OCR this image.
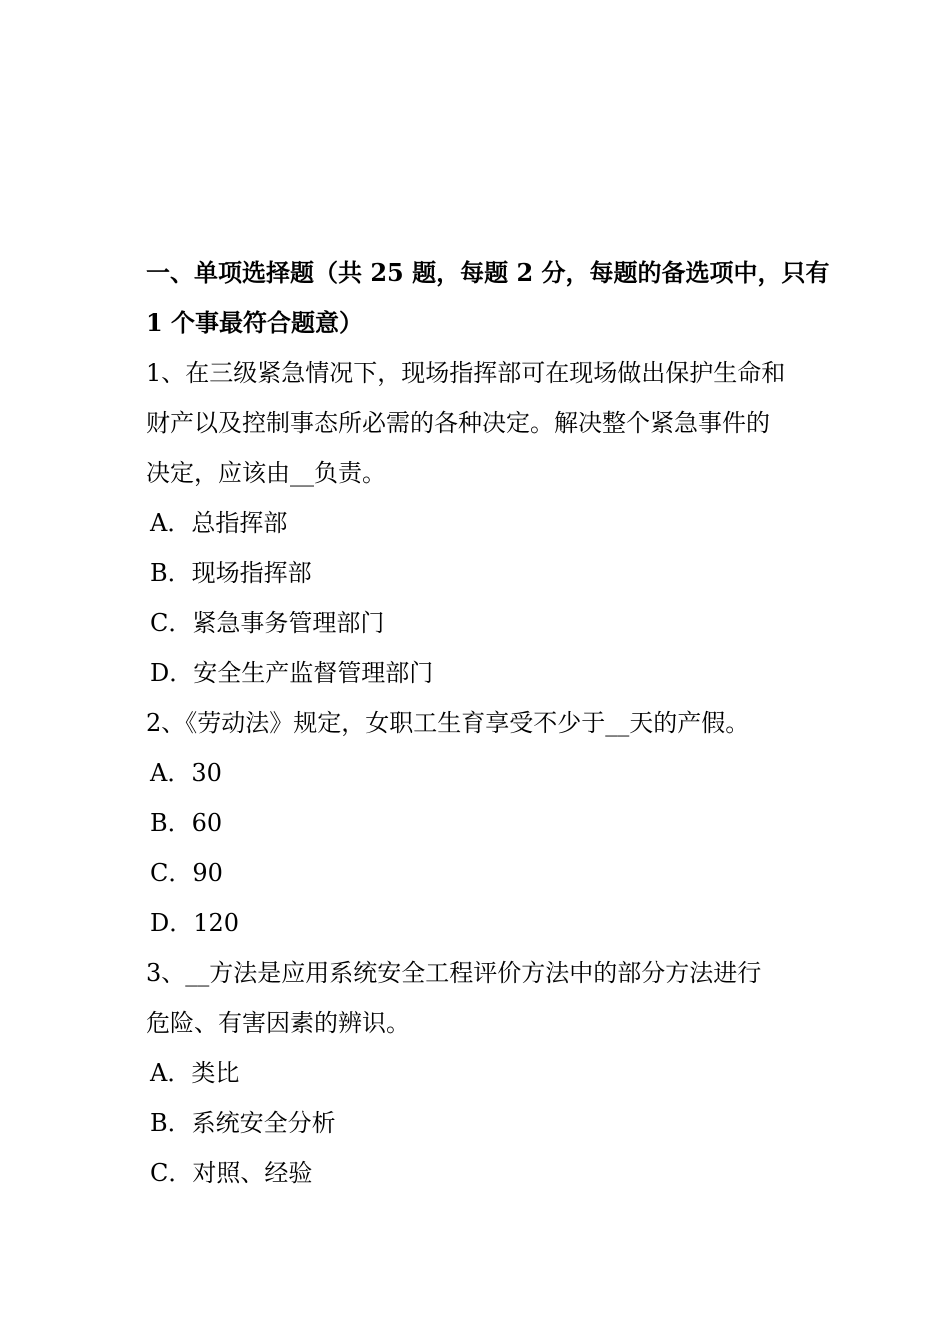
一、单项选择题（共 25 题，每题 2 分，每题的备选项中，只有
1 个事最符合题意）
1、在三级紧急情况下，现场指挥部可在现场做出保护生命和
财产以及控制事态所必需的各种决定。解决整个紧急事件的
决定，应该由__负责。
A．总指挥部
B．现场指挥部
C．紧急事务管理部门
D．安全生产监督管理部门
2、《劳动法》规定，女职工生育享受不少于__天的产假。
A．30
B．60
C．90
D．120
3、__方法是应用系统安全工程评价方法中的部分方法进行
危险、有害因素的辨识。
A．类比
B．系统安全分析
C．对照、经验
